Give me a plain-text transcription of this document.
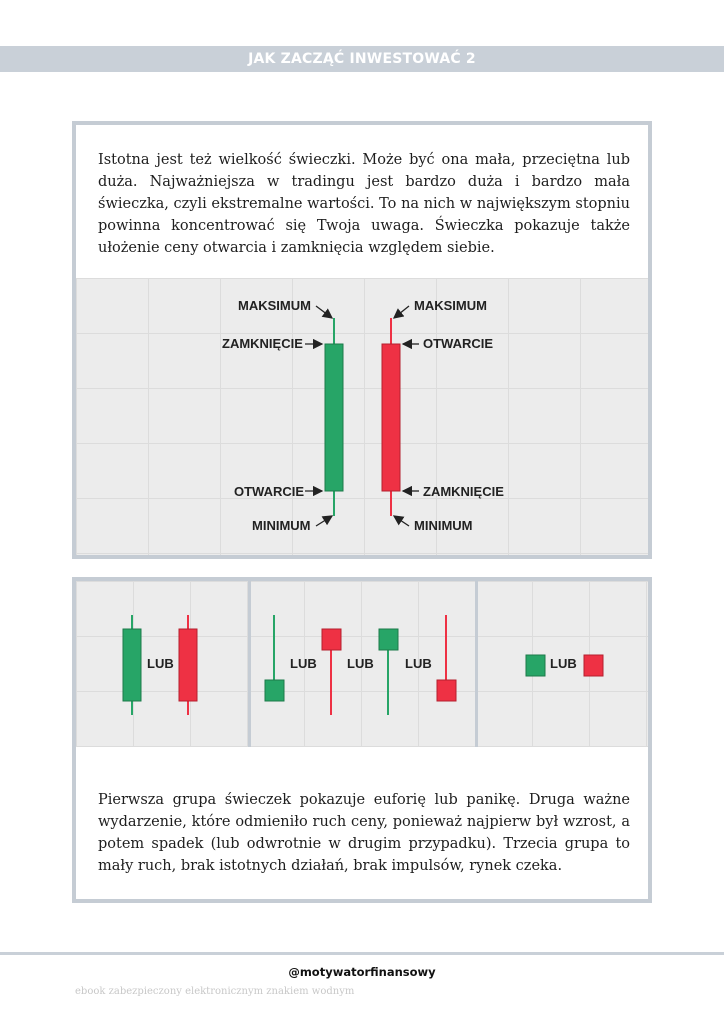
JAK ZACZĄĆ INWESTOWAĆ 2
Istotna jest też wielkość świeczki. Może być ona mała, przeciętna lub duża. Najważniejsza w tradingu jest bardzo duża i bardzo mała świeczka, czyli ekstremalne wartości. To na nich w największym stopniu powinna koncentrować się Twoja uwaga. Świeczka pokazuje także ułożenie ceny otwarcia i zamknięcia względem siebie.
MAKSIMUM
ZAMKNIĘCIE
OTWARCIE
MINIMUM
MAKSIMUM
OTWARCIE
ZAMKNIĘCIE
MINIMUM
LUB	LUB LUB LUB	LUB
Pierwsza grupa świeczek pokazuje euforię lub panikę. Druga ważne wydarzenie, które odmieniło ruch ceny, ponieważ najpierw był wzrost, a potem spadek (lub odwrotnie w drugim przypadku). Trzecia grupa to mały ruch, brak istotnych działań, brak impulsów, rynek czeka.
@motywatorfinansowy
ebook zabezpieczony elektronicznym znakiem wodnym
